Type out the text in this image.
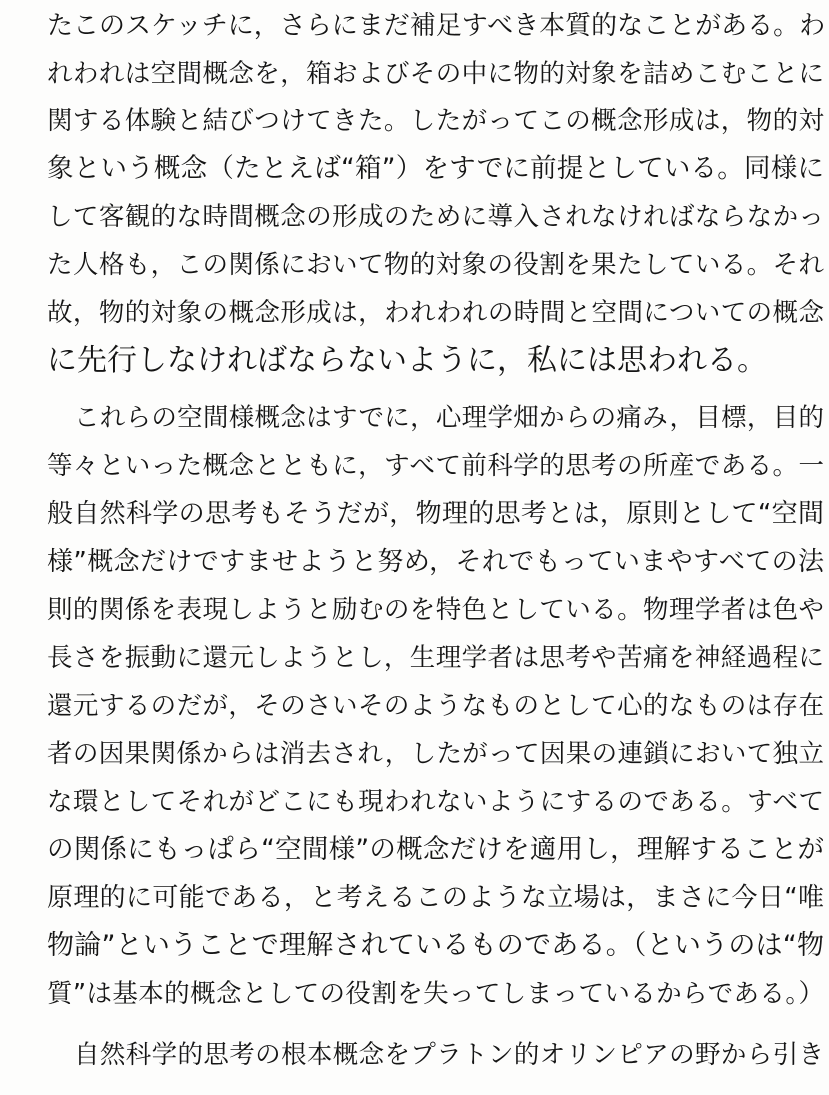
たこのスケッチに，さらにまだ補足すべき本質的なことがある。わ
れわれは空間概念を，箱およびその中に物的対象を詰めこむことに
関する体験と結びつけてきた。したがってこの概念形成は，物的対
象という概念（たとえば“箱”）をすでに前提としている。同様に
して客観的な時間概念の形成のために導入されなければならなかっ
た人格も，この関係において物的対象の役割を果たしている。それ
故，物的対象の概念形成は，われわれの時間と空間についての概念
に先行しなければならないように，私には思われる。
これらの空間様概念はすでに，心理学畑からの痛み，目標，目的
等々といった概念とともに，すべて前科学的思考の所産である。一
般自然科学の思考もそうだが，物理的思考とは，原則として“空間
様”概念だけですませようと努め，それでもっていまやすべての法
則的関係を表現しようと励むのを特色としている。物理学者は色や
長さを振動に還元しようとし，生理学者は思考や苦痛を神経過程に
還元するのだが，そのさいそのようなものとして心的なものは存在
者の因果関係からは消去され，したがって因果の連鎖において独立
な環としてそれがどこにも現われないようにするのである。すべて
の関係にもっぱら“空間様”の概念だけを適用し，理解することが
原理的に可能である，と考えるこのような立場は，まさに今日“唯
物論”ということで理解されているものである。（というのは“物
質”は基本的概念としての役割を失ってしまっているからである。）
自然科学的思考の根本概念をプラトン的オリンピアの野から引き
